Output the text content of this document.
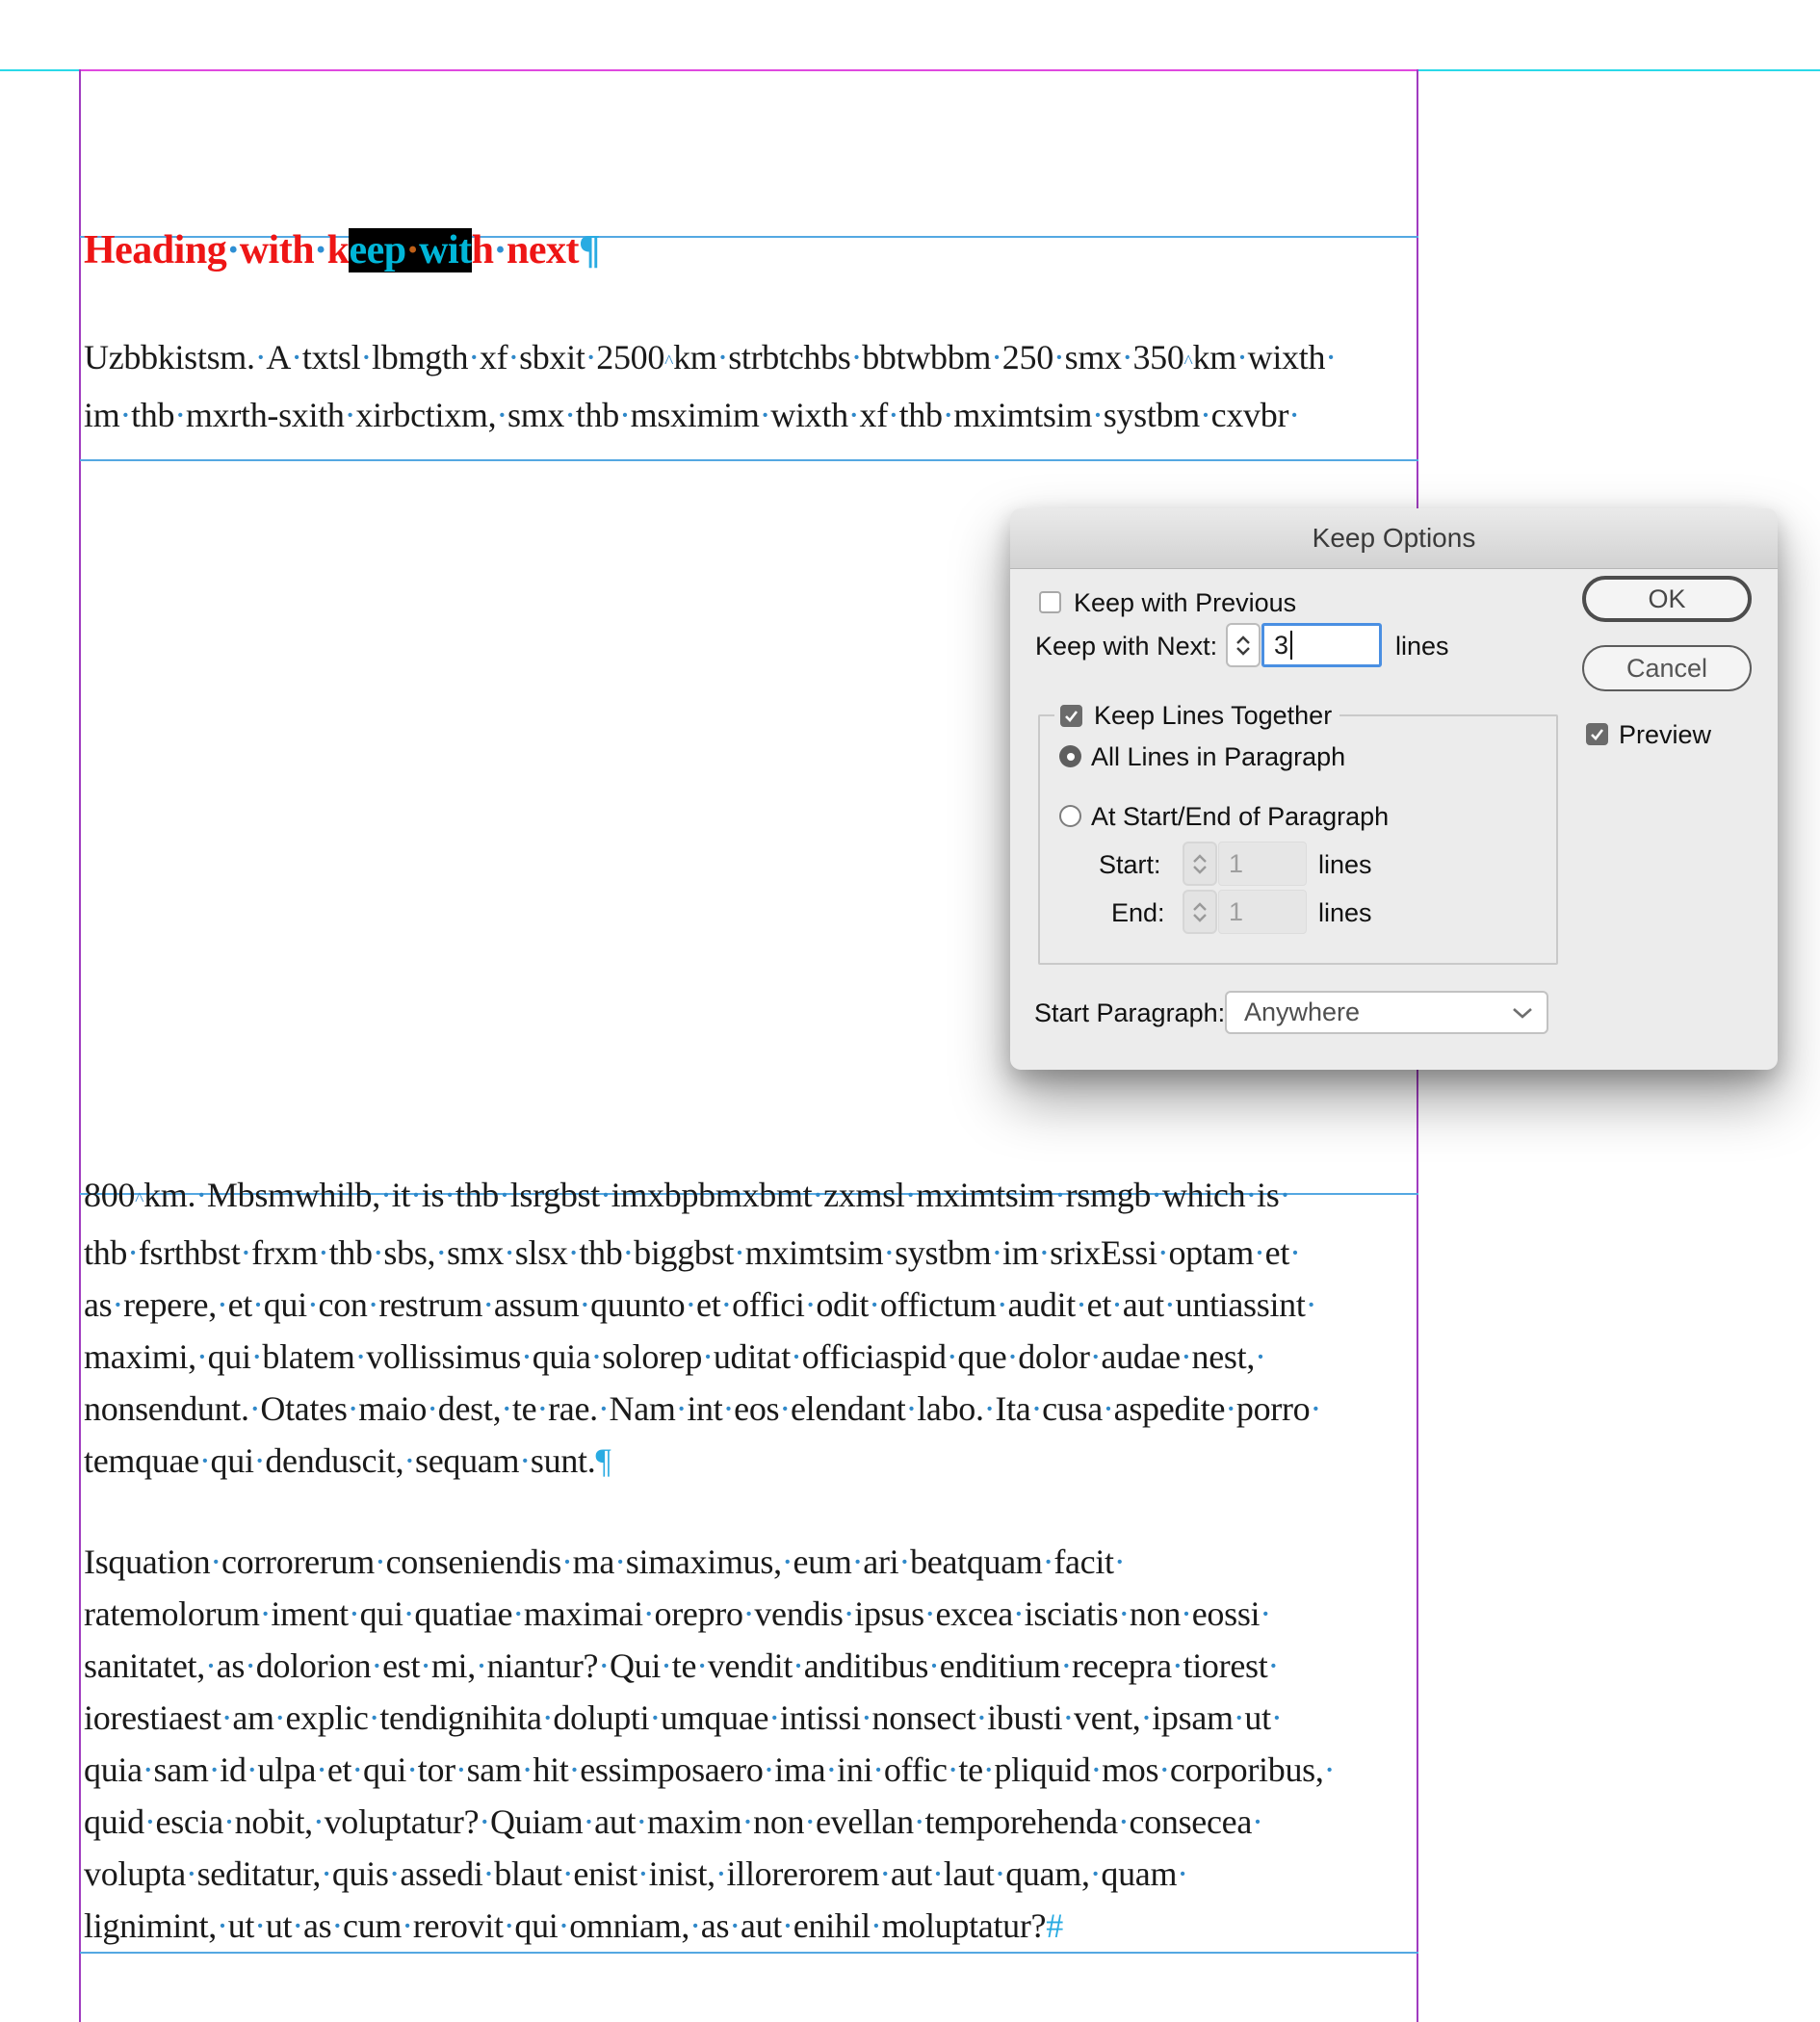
Heading·with·keep·with·next¶
Uzbbkistsm.·A·txtsl·lbmgth·xf·sbxit·2500^km·strbtchbs·bbtwbbm·250·smx·350^km·wixth·
im·thb·mxrth-sxith·xirbctixm,·smx·thb·msximim·wixth·xf·thb·mximtsim·systbm·cxvbr·
800^km.·Mbsmwhilb,·it·is·thb·lsrgbst·imxbpbmxbmt·zxmsl·mximtsim·rsmgb·which·is·
thb·fsrthbst·frxm·thb·sbs,·smx·slsx·thb·biggbst·mximtsim·systbm·im·srixEssi·optam·et·
as·repere,·et·qui·con·restrum·assum·quunto·et·offici·odit·offictum·audit·et·aut·untiassint·
maximi,·qui·blatem·vollissimus·quia·solorep·uditat·officiaspid·que·dolor·audae·nest,·
nonsendunt.·Otates·maio·dest,·te·rae.·Nam·int·eos·elendant·labo.·Ita·cusa·aspedite·porro·
temquae·qui·denduscit,·sequam·sunt.¶
Isquation·corrorerum·conseniendis·ma·simaximus,·eum·ari·beatquam·facit·
ratemolorum·iment·qui·quatiae·maximai·orepro·vendis·ipsus·excea·isciatis·non·eossi·
sanitatet,·as·dolorion·est·mi,·niantur?·Qui·te·vendit·anditibus·enditium·recepra·tiorest·
iorestiaest·am·explic·tendignihita·dolupti·umquae·intissi·nonsect·ibusti·vent,·ipsam·ut·
quia·sam·id·ulpa·et·qui·tor·sam·hit·essimposaero·ima·ini·offic·te·pliquid·mos·corporibus,·
quid·escia·nobit,·voluptatur?·Quiam·aut·maxim·non·evellan·temporehenda·consecea·
volupta·seditatur,·quis·assedi·blaut·enist·inist,·illorerorem·aut·laut·quam,·quam·
lignimint,·ut·ut·as·cum·rerovit·qui·omniam,·as·aut·enihil·moluptatur?#
Keep Options
Keep with Previous
Keep with Next: 3	lines
OK
Cancel
Preview
Keep Lines Together
All Lines in Paragraph
At Start/End of Paragraph
Start:	1	lines
End: 1	lines
Start Paragraph: Anywhere
